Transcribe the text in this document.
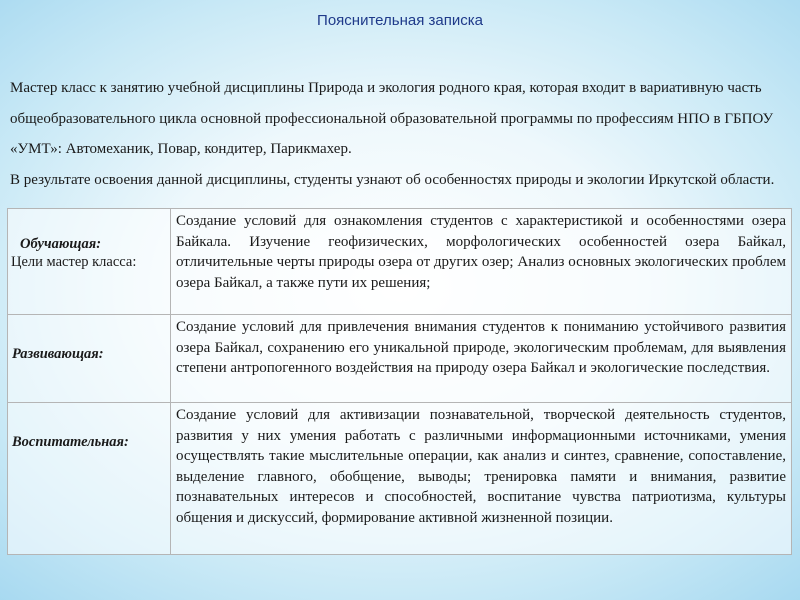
Пояснительная записка

Мастер класс к занятию учебной дисциплины Природа и экология родного края, которая входит в вариативную часть общеобразовательного цикла основной профессиональной образовательной программы по профессиям НПО в ГБПОУ «УМТ»: Автомеханик, Повар, кондитер, Парикмахер.

В результате освоения данной дисциплины, студенты узнают об особенностях природы и экологии Иркутской области.

Обучающая:
Цели мастер класса:
Создание условий для ознакомления студентов с характеристикой и особенностями озера Байкала. Изучение геофизических, морфологических особенностей озера Байкал, отличительные черты природы озера от других озер; Анализ основных экологических проблем озера Байкал, а также пути их решения;
Развивающая:
Создание условий для привлечения внимания студентов к пониманию устойчивого развития озера Байкал, сохранению его уникальной природе, экологическим проблемам, для выявления степени антропогенного воздействия на природу озера Байкал и экологические последствия.
Воспитательная:
Создание условий для активизации познавательной, творческой деятельность студентов, развития у них умения работать с различными информационными источниками, умения осуществлять такие мыслительные операции, как анализ и синтез, сравнение, сопоставление, выделение главного, обобщение, выводы; тренировка памяти и внимания, развитие познавательных интересов и способностей, воспитание чувства патриотизма, культуры общения и дискуссий, формирование активной жизненной позиции.
